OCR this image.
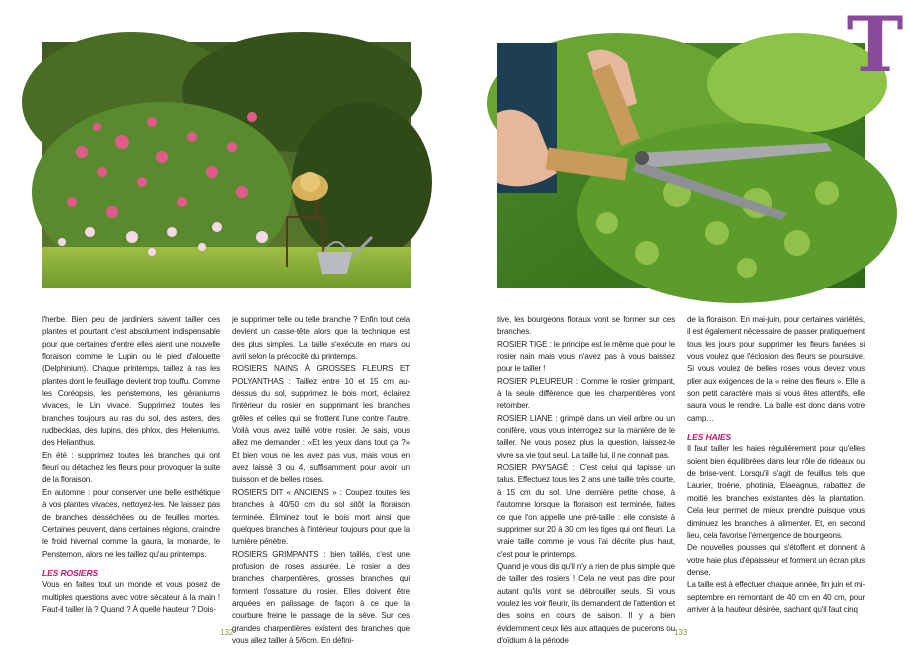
l'herbe. Bien peu de jardiniers savent tailler ces plantes et pourtant c'est absolument indispensable pour que certaines d'entre elles aient une nouvelle floraison comme le Lupin ou le pied d'alouette (Delphinium). Chaque printemps, taillez à ras les plantes dont le feuillage devient trop touffu. Comme les Coréopsis, les penstemons, les géraniums vivaces, le Lin vivace. Supprimez toutes les branches toujours au ras du sol, des asters, des rudbeckias, des lupins, des phlox, des Heleniums, des Helianthus.

En été : supprimez toutes les branches qui ont fleuri ou détachez les fleurs pour provoquer la suite de la floraison.

En automne : pour conserver une belle esthétique à vos plantes vivaces, nettoyez-les. Ne laissez pas de branches desséchées ou de feuilles mortes. Certaines peuvent, dans certaines régions, craindre le froid hivernal comme la gaura, la monarde, le Penstemon, alors ne les taillez qu'au printemps.

LES ROSIERS

Vous en faites tout un monde et vous posez de multiples questions avec votre sécateur à la main ! Faut-il tailler là ? Quand ? À quelle hauteur ? Dois-

je supprimer telle ou telle branche ? Enfin tout cela devient un casse-tête alors que la technique est des plus simples. La taille s'exécute en mars ou avril selon la précocité du printemps.

ROSIERS NAINS À GROSSES FLEURS ET POLYANTHAS : Taillez entre 10 et 15 cm au-dessus du sol, supprimez le bois mort, éclairez l'intérieur du rosier en supprimant les branches grêles et celles qui se frottent l'une contre l'autre. Voilà vous avez taillé votre rosier. Je sais, vous allez me demander : «Et les yeux dans tout ça ?» Et bien vous ne les avez pas vus, mais vous en avez laissé 3 ou 4, suffisamment pour avoir un buisson et de belles roses.

ROSIERS DIT « ANCIENS » : Coupez toutes les branches à 40/50 cm du sol sitôt la floraison terminée. Éliminez tout le bois mort ainsi que quelques branches à l'intérieur toujours pour que la lumière pénètre.

ROSIERS GRIMPANTS : bien taillés, c'est une profusion de roses assurée. Le rosier a des branches charpentières, grosses branches qui forment l'ossature du rosier. Elles doivent être arquées en palissage de façon à ce que la courbure freine le passage de la sève. Sur ces grandes charpentières existent des branches que vous allez tailler à 5/6cm. En défini-

132
T

tive, les bourgeons floraux vont se former sur ces branches.

ROSIER TIGE : le principe est le même que pour le rosier nain mais vous n'avez pas à vous baissez pour le tailler !

ROSIER PLEUREUR : Comme le rosier grimpant, à la seule différence que les charpentières vont retomber.

ROSIER LIANE : grimpé dans un vieil arbre ou un conifère, vous vous interrogez sur la manière de le tailler. Ne vous posez plus la question, laissez-le vivre sa vie tout seul. La taille lui, il ne connait pas.

ROSIER PAYSAGÉ : C'est celui qui tapisse un talus. Effectuez tous les 2 ans une taille très courte, à 15 cm du sol. Une dernière petite chose, à l'automne lorsque la floraison est terminée, faites ce que l'on appelle une pré-taille : elle consiste à supprimer sur 20 à 30 cm les tiges qui ont fleuri. La vraie taille comme je vous l'ai décrite plus haut, c'est pour le printemps.

Quand je vous dis qu'il n'y a rien de plus simple que de tailler des rosiers ! Cela ne veut pas dire pour autant qu'ils vont se débrouiller seuls. Si vous voulez les voir fleurir, ils demandent de l'attention et des soins en cours de saison. Il y a bien évidemment ceux liés aux attaques de pucerons ou d'oïdium à la période

de la floraison. En mai-juin, pour certaines variétés, il est également nécessaire de passer pratiquement tous les jours pour supprimer les fleurs fanées si vous voulez que l'éclosion des fleurs se poursuive. Si vous voulez de belles roses vous devez vous plier aux exigences de la « reine des fleurs ». Elle a son petit caractère mais si vous êtes attentifs, elle saura vous le rendre. La balle est donc dans votre camp…

LES HAIES

Il faut tailler les haies régulièrement pour qu'elles soient bien équilibrées dans leur rôle de rideaux ou de brise-vent. Lorsqu'il s'agit de feuillus tels que Laurier, troène, photinia, Elaeagnus, rabattez de moitié les branches existantes dès la plantation. Cela leur permet de mieux prendre puisque vous diminuez les branches à alimenter. Et, en second lieu, cela favorise l'émergence de bourgeons.

De nouvelles pousses qui s'étoffent et donnent à votre haie plus d'épaisseur et forment un écran plus dense.

La taille est à effectuer chaque année, fin juin et mi-septembre en remontant de 40 cm en 40 cm, pour arriver à la hauteur désirée, sachant qu'il faut cinq

133
